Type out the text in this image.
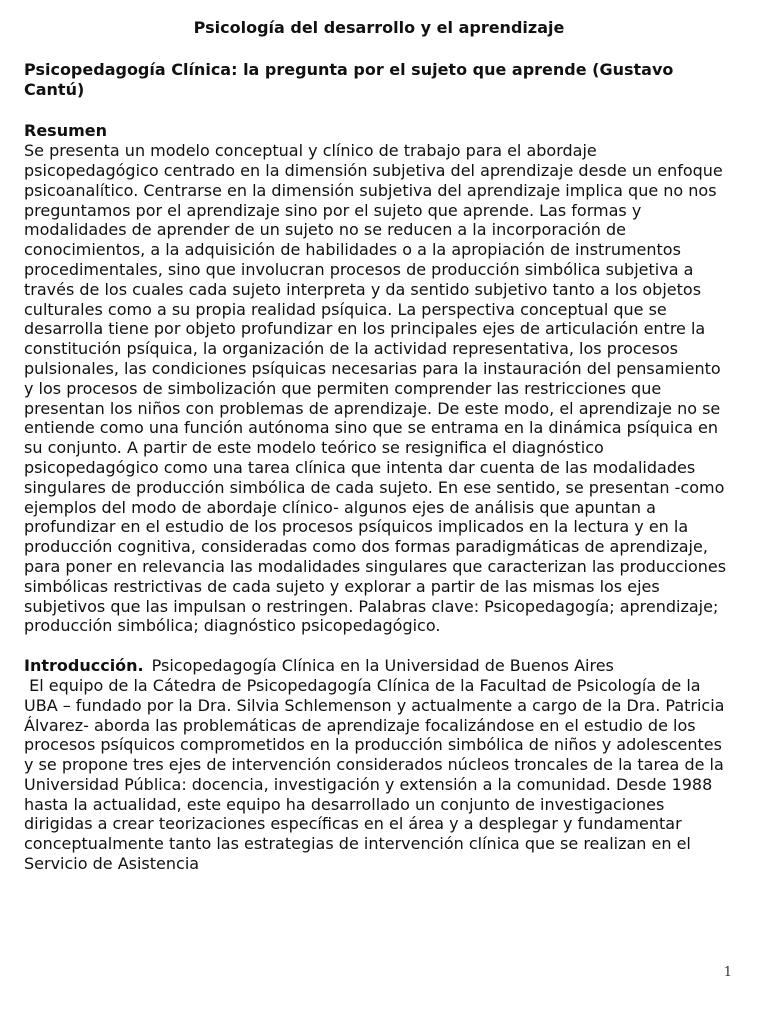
Psicología del desarrollo y el aprendizaje
Psicopedagogía Clínica: la pregunta por el sujeto que aprende (Gustavo Cantú)
Resumen
Se presenta un modelo conceptual y clínico de trabajo para el abordaje psicopedagógico centrado en la dimensión subjetiva del aprendizaje desde un enfoque psicoanalítico. Centrarse en la dimensión subjetiva del aprendizaje implica que no nos preguntamos por el aprendizaje sino por el sujeto que aprende. Las formas y modalidades de aprender de un sujeto no se reducen a la incorporación de conocimientos, a la adquisición de habilidades o a la apropiación de instrumentos procedimentales, sino que involucran procesos de producción simbólica subjetiva a través de los cuales cada sujeto interpreta y da sentido subjetivo tanto a los objetos culturales como a su propia realidad psíquica. La perspectiva conceptual que se desarrolla tiene por objeto profundizar en los principales ejes de articulación entre la constitución psíquica, la organización de la actividad representativa, los procesos pulsionales, las condiciones psíquicas necesarias para la instauración del pensamiento y los procesos de simbolización que permiten comprender las restricciones que presentan los niños con problemas de aprendizaje. De este modo, el aprendizaje no se entiende como una función autónoma sino que se entrama en la dinámica psíquica en su conjunto. A partir de este modelo teórico se resignifica el diagnóstico psicopedagógico como una tarea clínica que intenta dar cuenta de las modalidades singulares de producción simbólica de cada sujeto. En ese sentido, se presentan -como ejemplos del modo de abordaje clínico- algunos ejes de análisis que apuntan a profundizar en el estudio de los procesos psíquicos implicados en la lectura y en la producción cognitiva, consideradas como dos formas paradigmáticas de aprendizaje, para poner en relevancia las modalidades singulares que caracterizan las producciones simbólicas restrictivas de cada sujeto y explorar a partir de las mismas los ejes subjetivos que las impulsan o restringen. Palabras clave: Psicopedagogía; aprendizaje; producción simbólica; diagnóstico psicopedagógico.
Introducción. Psicopedagogía Clínica en la Universidad de Buenos Aires
El equipo de la Cátedra de Psicopedagogía Clínica de la Facultad de Psicología de la UBA – fundado por la Dra. Silvia Schlemenson y actualmente a cargo de la Dra. Patricia Álvarez- aborda las problemáticas de aprendizaje focalizándose en el estudio de los procesos psíquicos comprometidos en la producción simbólica de niños y adolescentes y se propone tres ejes de intervención considerados núcleos troncales de la tarea de la Universidad Pública: docencia, investigación y extensión a la comunidad. Desde 1988 hasta la actualidad, este equipo ha desarrollado un conjunto de investigaciones dirigidas a crear teorizaciones específicas en el área y a desplegar y fundamentar conceptualmente tanto las estrategias de intervención clínica que se realizan en el Servicio de Asistencia
1
